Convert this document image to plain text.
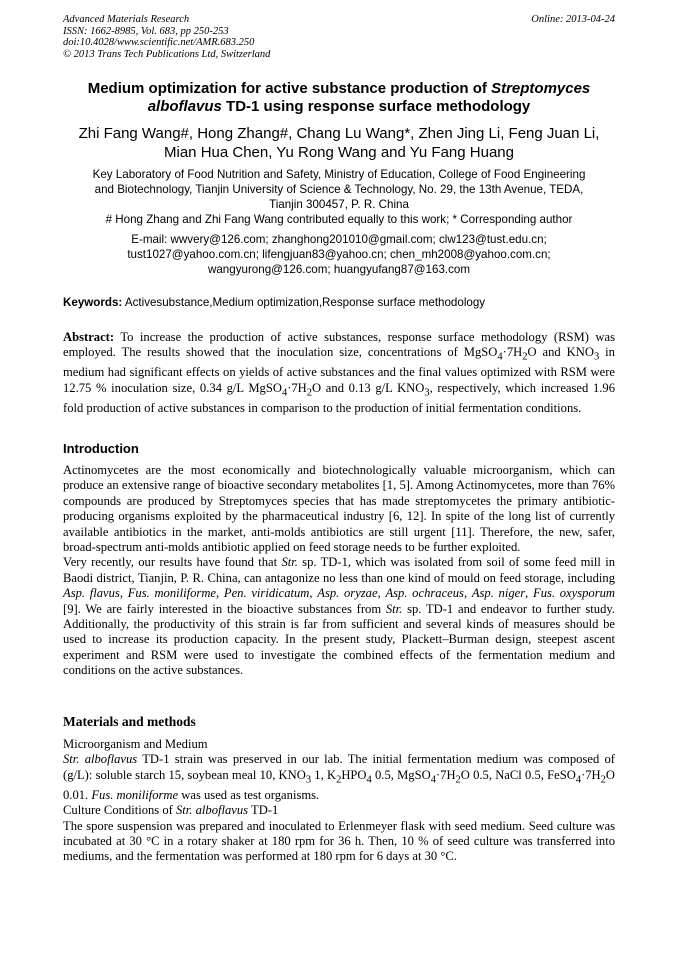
Advanced Materials Research
ISSN: 1662-8985, Vol. 683, pp 250-253
doi:10.4028/www.scientific.net/AMR.683.250
© 2013 Trans Tech Publications Ltd, Switzerland
Online: 2013-04-24
Medium optimization for active substance production of Streptomyces alboflavus TD-1 using response surface methodology
Zhi Fang Wang#, Hong Zhang#, Chang Lu Wang*, Zhen Jing Li, Feng Juan Li,
Mian Hua Chen, Yu Rong Wang and Yu Fang Huang
Key Laboratory of Food Nutrition and Safety, Ministry of Education, College of Food Engineering
and Biotechnology, Tianjin University of Science & Technology, No. 29, the 13th Avenue, TEDA,
Tianjin 300457, P. R. China
# Hong Zhang and Zhi Fang Wang contributed equally to this work; * Corresponding author
E-mail: wwvery@126.com; zhanghong201010@gmail.com; clw123@tust.edu.cn;
tust1027@yahoo.com.cn; lifengjuan83@yahoo.cn; chen_mh2008@yahoo.com.cn;
wangyurong@126.com; huangyufang87@163.com
Keywords: Activesubstance,Medium optimization,Response surface methodology
Abstract: To increase the production of active substances, response surface methodology (RSM) was employed. The results showed that the inoculation size, concentrations of $MgSO_4\cdot 7H_2O$ and $KNO_3$ in medium had significant effects on yields of active substances and the final values optimized with RSM were 12.75 % inoculation size, 0.34 g/L $MgSO_4\cdot 7H_2O$ and 0.13 g/L $KNO_3$, respectively, which increased 1.96 fold production of active substances in comparison to the production of initial fermentation conditions.
Introduction

Actinomycetes are the most economically and biotechnologically valuable microorganism, which can produce an extensive range of bioactive secondary metabolites [1, 5]. Among Actinomycetes, more than 76% compounds are produced by Streptomyces species that has made streptomycetes the primary antibiotic-producing organisms exploited by the pharmaceutical industry [6, 12]. In spite of the long list of currently available antibiotics in the market, anti-molds antibiotics are still urgent [11]. Therefore, the new, safer, broad-spectrum anti-molds antibiotic applied on feed storage needs to be further exploited.

Very recently, our results have found that Str. sp. TD-1, which was isolated from soil of some feed mill in Baodi district, Tianjin, P. R. China, can antagonize no less than one kind of mould on feed storage, including Asp. flavus, Fus. moniliforme, Pen. viridicatum, Asp. oryzae, Asp. ochraceus, Asp. niger, Fus. oxysporum [9]. We are fairly interested in the bioactive substances from Str. sp. TD-1 and endeavor to further study. Additionally, the productivity of this strain is far from sufficient and several kinds of measures should be used to increase its production capacity. In the present study, Plackett–Burman design, steepest ascent experiment and RSM were used to investigate the combined effects of the fermentation medium and conditions on the active substances.

Materials and methods

Microorganism and Medium

Str. alboflavus TD-1 strain was preserved in our lab. The initial fermentation medium was composed of (g/L): soluble starch 15, soybean meal 10, $KNO_3$ 1, $K_2HPO_4$ 0.5, $MgSO_4\cdot 7H_2O$ 0.5, NaCl 0.5, $FeSO_4\cdot 7H_2O$ 0.01. Fus. moniliforme was used as test organisms.

Culture Conditions of Str. alboflavus TD-1

The spore suspension was prepared and inoculated to Erlenmeyer flask with seed medium. Seed culture was incubated at 30 °C in a rotary shaker at 180 rpm for 36 h. Then, 10 % of seed culture was transferred into mediums, and the fermentation was performed at 180 rpm for 6 days at 30 °C.
